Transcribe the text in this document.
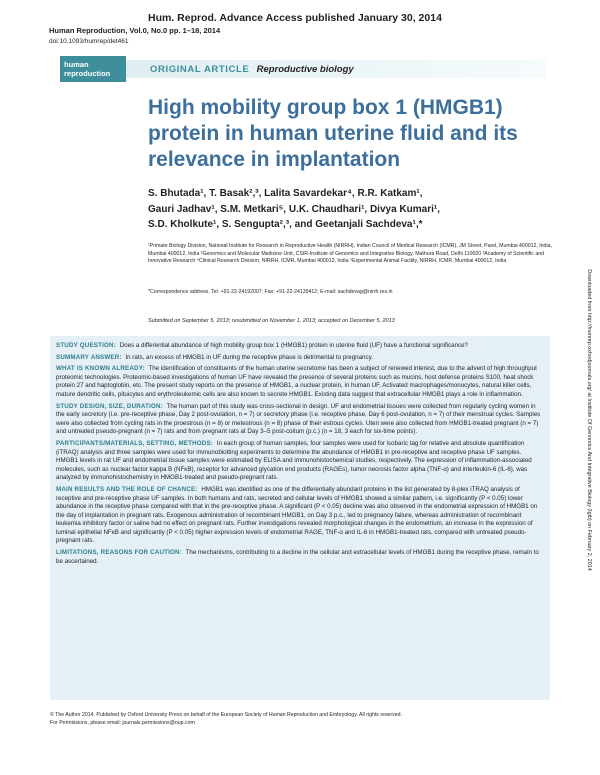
Hum. Reprod. Advance Access published January 30, 2014
Human Reproduction, Vol.0, No.0 pp. 1–18, 2014
doi:10.1093/humrep/det461
human
reproduction	ORIGINAL ARTICLE Reproductive biology
High mobility group box 1 (HMGB1) protein in human uterine fluid and its relevance in implantation
S. Bhutada¹, T. Basak²,³, Lalita Savardekar⁴, R.R. Katkam¹,
Gauri Jadhav¹, S.M. Metkari⁵, U.K. Chaudhari¹, Divya Kumari¹,
S.D. Kholkute¹, S. Sengupta²,³, and Geetanjali Sachdeva¹,*
¹Primate Biology Division, National Institute for Research in Reproductive Health (NIRRH), Indian Council of Medical Research (ICMR), JM Street, Parel, Mumbai 400012, India, Mumbai 400012, India ²Genomics and Molecular Medicine Unit, CSIR-Institute of Genomics and Integrative Biology, Mathura Road, Delhi 110020 ³Academy of Scientific and Innovative Research ⁴Clinical Research Division, NIRRH, ICMR, Mumbai 400012, India ⁵Experimental Animal Facility, NIRRH, ICMR, Mumbai 400012, India
*Correspondence address. Tel: +91-22-24192007; Fax: +91-22-24139412; E-mail: sachdevag@nirrh.res.in
Submitted on September 5, 2013; resubmitted on November 1, 2013; accepted on December 5, 2013

STUDY QUESTION: Does a differential abundance of high mobility group box 1 (HMGB1) protein in uterine fluid (UF) have a functional significance?

SUMMARY ANSWER: In rats, an excess of HMGB1 in UF during the receptive phase is detrimental to pregnancy.

WHAT IS KNOWN ALREADY: The identification of constituents of the human uterine secretome has been a subject of renewed interest, due to the advent of high throughput proteomic technologies. Proteomic-based investigations of human UF have revealed the presence of several proteins such as mucins, host defense proteins S100, heat shock protein 27 and haptoglobin, etc. The present study reports on the presence of HMGB1, a nuclear protein, in human UF. Activated macrophages/monocytes, natural killer cells, mature dendritic cells, pituicytes and erythroleukemic cells are also known to secrete HMGB1. Existing data suggest that extracellular HMGB1 plays a role in inflammation.

STUDY DESIGN, SIZE, DURATION: The human part of this study was cross-sectional in design. UF and endometrial tissues were collected from regularly cycling women in the early secretory (i.e. pre-receptive phase, Day 2 post-ovulation, n = 7) or secretory phase (i.e. receptive phase, Day 6 post-ovulation, n = 7) of their menstrual cycles. Samples were also collected from cycling rats in the proestrous (n = 8) or metestrous (n = 8) phase of their estrous cycles. Uteri were also collected from HMGB1-treated pregnant (n = 7) and untreated pseudo-pregnant (n = 7) rats and from pregnant rats at Day 3–5 post-coitum (p.c.) (n = 18, 3 each for six-time points).

PARTICIPANTS/MATERIALS, SETTING, METHODS: In each group of human samples, four samples were used for isobaric tag for relative and absolute quantification (iTRAQ) analysis and three samples were used for immunoblotting experiments to determine the abundance of HMGB1 in pre-receptive and receptive phase UF samples. HMGB1 levels in rat UF and endometrial tissue samples were estimated by ELISA and immunohistochemical studies, respectively. The expression of inflammation-associated molecules, such as nuclear factor kappa B (NFκB), receptor for advanced glycation end products (RAGEs), tumor necrosis factor alpha (TNF-α) and interleukin-6 (IL-6), was analyzed by immunohistochemistry in HMGB1-treated and pseudo-pregnant rats.

MAIN RESULTS AND THE ROLE OF CHANCE: HMGB1 was identified as one of the differentially abundant proteins in the list generated by 8-plex iTRAQ analysis of receptive and pre-receptive phase UF samples. In both humans and rats, secreted and cellular levels of HMGB1 showed a similar pattern, i.e. significantly (P < 0.05) lower abundance in the receptive phase compared with that in the pre-receptive phase. A significant (P < 0.05) decline was also observed in the endometrial expression of HMGB1 on the day of implantation in pregnant rats. Exogenous administration of recombinant HMGB1, on Day 3 p.c., led to pregnancy failure, whereas administration of recombinant leukemia inhibitory factor or saline had no effect on pregnant rats. Further investigations revealed morphological changes in the endometrium, an increase in the expression of luminal epithelial NFκB and significantly (P < 0.05) higher expression levels of endometrial RAGE, TNF-α and IL-6 in HMGB1-treated rats, compared with untreated pseudo-pregnant rats.

LIMITATIONS, REASONS FOR CAUTION: The mechanisms, contributing to a decline in the cellular and extracellular levels of HMGB1 during the receptive phase, remain to be ascertained.

© The Author 2014. Published by Oxford University Press on behalf of the European Society of Human Reproduction and Embryology. All rights reserved.
For Permissions, please email: journals.permissions@oup.com
Downloaded from http://humrep.oxfordjournals.org/ at Institute Of Genomics And Integrative Biology (Igib) on February 2, 2014
